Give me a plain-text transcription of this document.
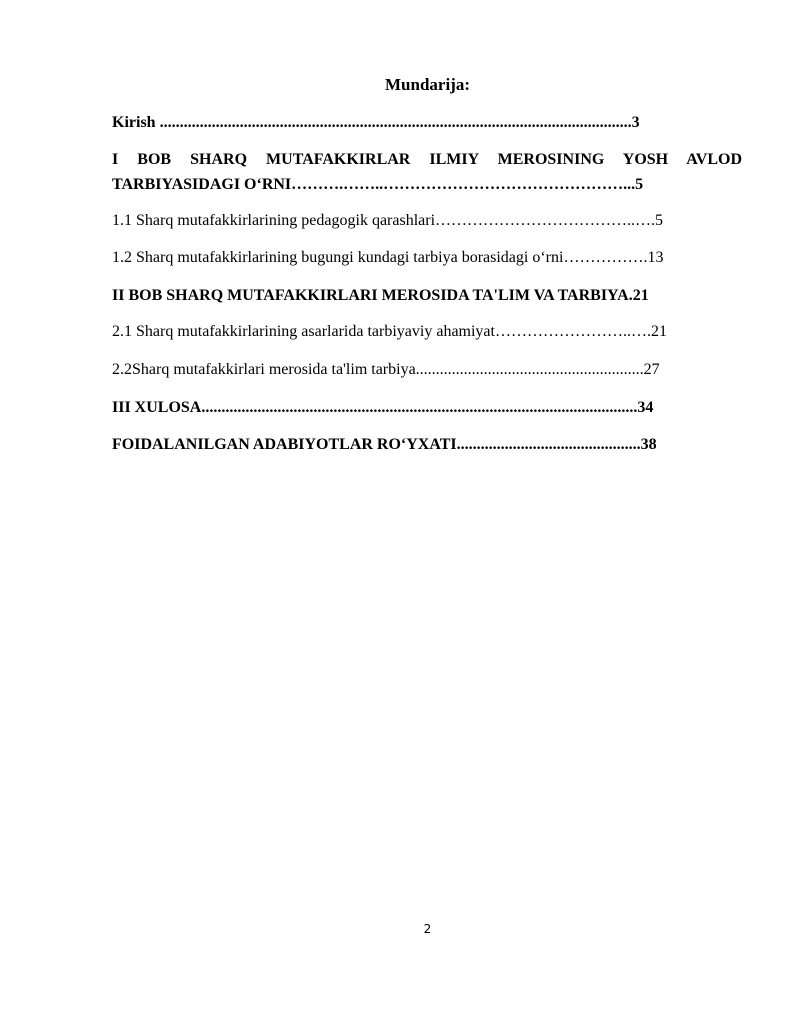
Mundarija:
Kirish ......................................................................................................................3
I BOB SHARQ MUTAFAKKIRLAR ILMIY MEROSINING YOSH AVLOD
TARBIYASIDAGI O‘RNI……….……..………………………………………...5
1.1 Sharq mutafakkirlarining pedagogik qarashlari………………………………..….5
1.2 Sharq mutafakkirlarining bugungi kundagi tarbiya borasidagi o‘rni…………….13
II BOB SHARQ MUTAFAKKIRLARI MEROSIDA TA'LIM VA TARBIYA.21
2.1 Sharq mutafakkirlarining asarlarida tarbiyaviy ahamiyat……………………..….21
2.2Sharq mutafakkirlari merosida ta'lim tarbiya.........................................................27
III XULOSA.............................................................................................................34
FOIDALANILGAN ADABIYOTLAR RO‘YXATI..............................................38
2
